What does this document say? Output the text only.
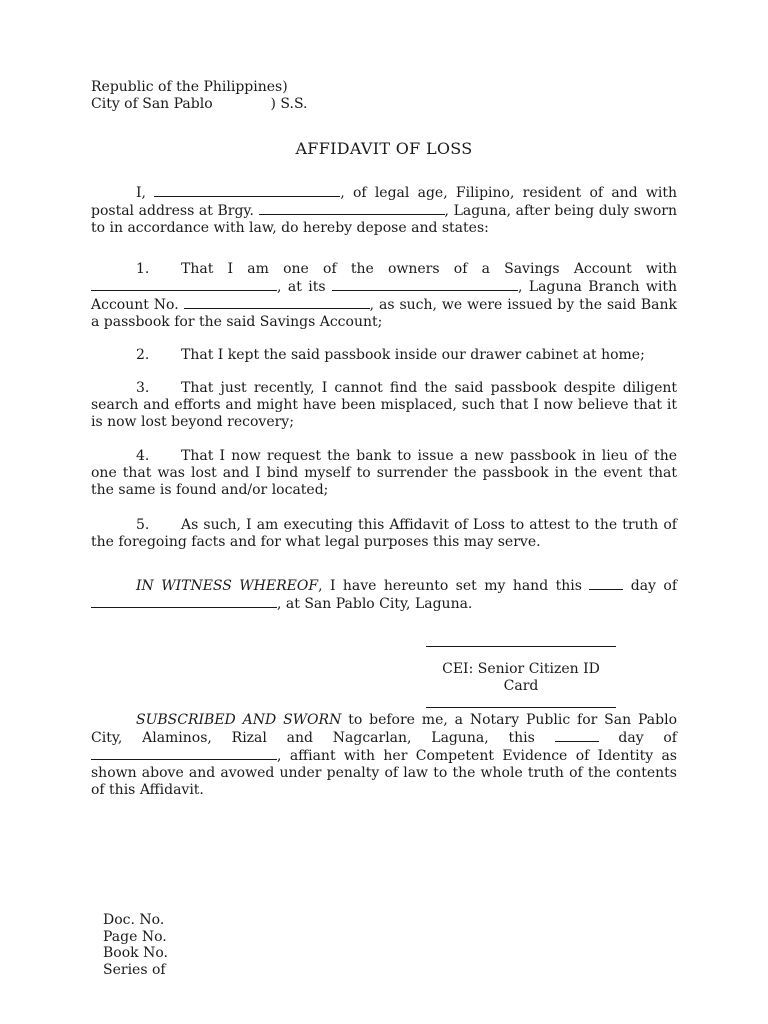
Republic of the Philippines)
City of San Pablo             ) S.S.
AFFIDAVIT OF LOSS

I,	, of legal age, Filipino, resident of and with postal address at Brgy.	, Laguna, after being duly sworn to in accordance with law, do hereby depose and states:

1. That I am one of the owners of a Savings Account with , at its	, Laguna Branch with Account No.	, as such, we were issued by the said Bank a passbook for the said Savings Account;

2. That I kept the said passbook inside our drawer cabinet at home;

3. That just recently, I cannot find the said passbook despite diligent search and efforts and might have been misplaced, such that I now believe that it is now lost beyond recovery;

4. That I now request the bank to issue a new passbook in lieu of the one that was lost and I bind myself to surrender the passbook in the event that the same is found and/or located;

5. As such, I am executing this Affidavit of Loss to attest to the truth of the foregoing facts and for what legal purposes this may serve.

IN WITNESS WHEREOF, I have hereunto set my hand this  day of , at San Pablo City, Laguna.

CEI: Senior Citizen ID Card

SUBSCRIBED AND SWORN to before me, a Notary Public for San Pablo City, Alaminos, Rizal and Nagcarlan, Laguna, this	day of , affiant with her Competent Evidence of Identity as shown above and avowed under penalty of law to the whole truth of the contents of this Affidavit.

Doc. No.
Page No.
Book No.
Series of
